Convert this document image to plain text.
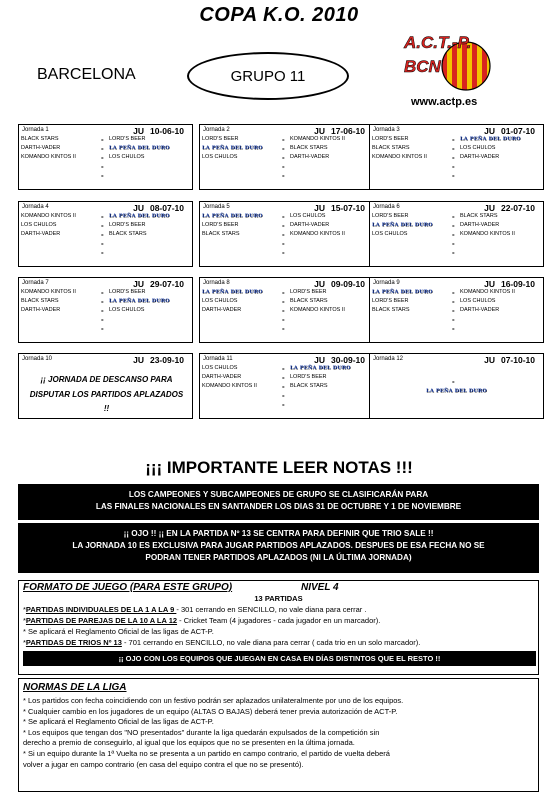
COPA K.O. 2010
BARCELONA	GRUPO 11
A.C.T.-P.
BCN
www.actp.es
Jornada 1	JU 10-06-10
BLACK STARS	- LORD'S BEER
DARTH-VADER	- LA PEÑA DEL DURO
KOMANDO KINTOS II	- LOS CHULOS
-
-
Jornada 2	JU 17-06-10
LORD'S BEER	- KOMANDO KINTOS II
LA PEÑA DEL DURO	- BLACK STARS
LOS CHULOS	- DARTH-VADER
-
-
Jornada 3	JU 01-07-10
LORD'S BEER	- LA PEÑA DEL DURO
BLACK STARS	- LOS CHULOS
KOMANDO KINTOS II	- DARTH-VADER
-
-
Jornada 4	JU 08-07-10
KOMANDO KINTOS II	- LA PEÑA DEL DURO
LOS CHULOS	- LORD'S BEER
DARTH-VADER	- BLACK STARS
-
-
Jornada 5	JU 15-07-10
LA PEÑA DEL DURO	- LOS CHULOS
LORD'S BEER	- DARTH-VADER
BLACK STARS	- KOMANDO KINTOS II
-
-
Jornada 6	JU 22-07-10
LORD'S BEER	- BLACK STARS
LA PEÑA DEL DURO	- DARTH-VADER
LOS CHULOS	- KOMANDO KINTOS II
-
-
Jornada 7	JU 29-07-10
KOMANDO KINTOS II	- LORD'S BEER
BLACK STARS	- LA PEÑA DEL DURO
DARTH-VADER	- LOS CHULOS
-
-
Jornada 8	JU 09-09-10
LA PEÑA DEL DURO	- LORD'S BEER
LOS CHULOS	- BLACK STARS
DARTH-VADER	- KOMANDO KINTOS II
-
-
Jornada 9	JU 16-09-10
LA PEÑA DEL DURO	- KOMANDO KINTOS II
LORD'S BEER	- LOS CHULOS
BLACK STARS	- DARTH-VADER
-
-
Jornada 10	JU 23-09-10
¡¡ JORNADA DE DESCANSO PARA
DISPUTAR LOS PARTIDOS APLAZADOS !!
Jornada 11	JU 30-09-10
LOS CHULOS	- LA PEÑA DEL DURO
DARTH-VADER	- LORD'S BEER
KOMANDO KINTOS II	- BLACK STARS
-
-
Jornada 12	JU 07-10-10
-
LA PEÑA DEL DURO
¡¡¡ IMPORTANTE LEER NOTAS !!!
LOS CAMPEONES Y SUBCAMPEONES DE GRUPO SE CLASIFICARÁN PARA
LAS FINALES NACIONALES EN SANTANDER LOS DIAS 31 DE OCTUBRE Y 1 DE NOVIEMBRE
¡¡ OJO !! ¡¡ EN LA PARTIDA Nº 13 SE CENTRA PARA DEFINIR QUE TRIO SALE !!
LA JORNADA 10 ES EXCLUSIVA PARA JUGAR PARTIDOS APLAZADOS. DESPUES DE ESA FECHA NO SE
PODRAN TENER PARTIDOS APLAZADOS (NI LA ÚLTIMA JORNADA)
FORMATO DE JUEGO (PARA ESTE GRUPO)	NIVEL 4
13 PARTIDAS
*PARTIDAS INDIVIDUALES DE LA 1 A LA 9 - 301 cerrando en SENCILLO, no vale diana para cerrar .
*PARTIDAS DE PAREJAS DE LA 10 A LA 12 - Cricket Team (4 jugadores - cada jugador en un marcador).
* Se aplicará el Reglamento Oficial de las ligas de ACT-P.
*PARTIDAS DE TRIOS Nº 13 - 701 cerrando en SENCILLO, no vale diana para cerrar ( cada trio en un solo marcador).
¡¡ OJO CON LOS EQUIPOS QUE JUEGAN EN CASA EN DÍAS DISTINTOS QUE EL RESTO !!
NORMAS DE LA LIGA
* Los partidos con fecha coincidiendo con un festivo podrán ser aplazados unilateralmente por uno de los equipos.
* Cualquier cambio en los jugadores de un equipo (ALTAS O BAJAS) deberá tener previa autorización de ACT-P.
* Se aplicará el Reglamento Oficial de las ligas de ACT-P.
* Los equipos que tengan dos "NO presentados" durante la liga quedarán expulsados de la competición sin
derecho a premio de conseguirlo, al igual que los equipos que no se presenten en la última jornada.
* Si un equipo durante la 1ª Vuelta no se presenta a un partido en campo contrario, el partido de vuelta deberá
volver a jugar en campo contrario (en casa del equipo contra el que no se presentó).
